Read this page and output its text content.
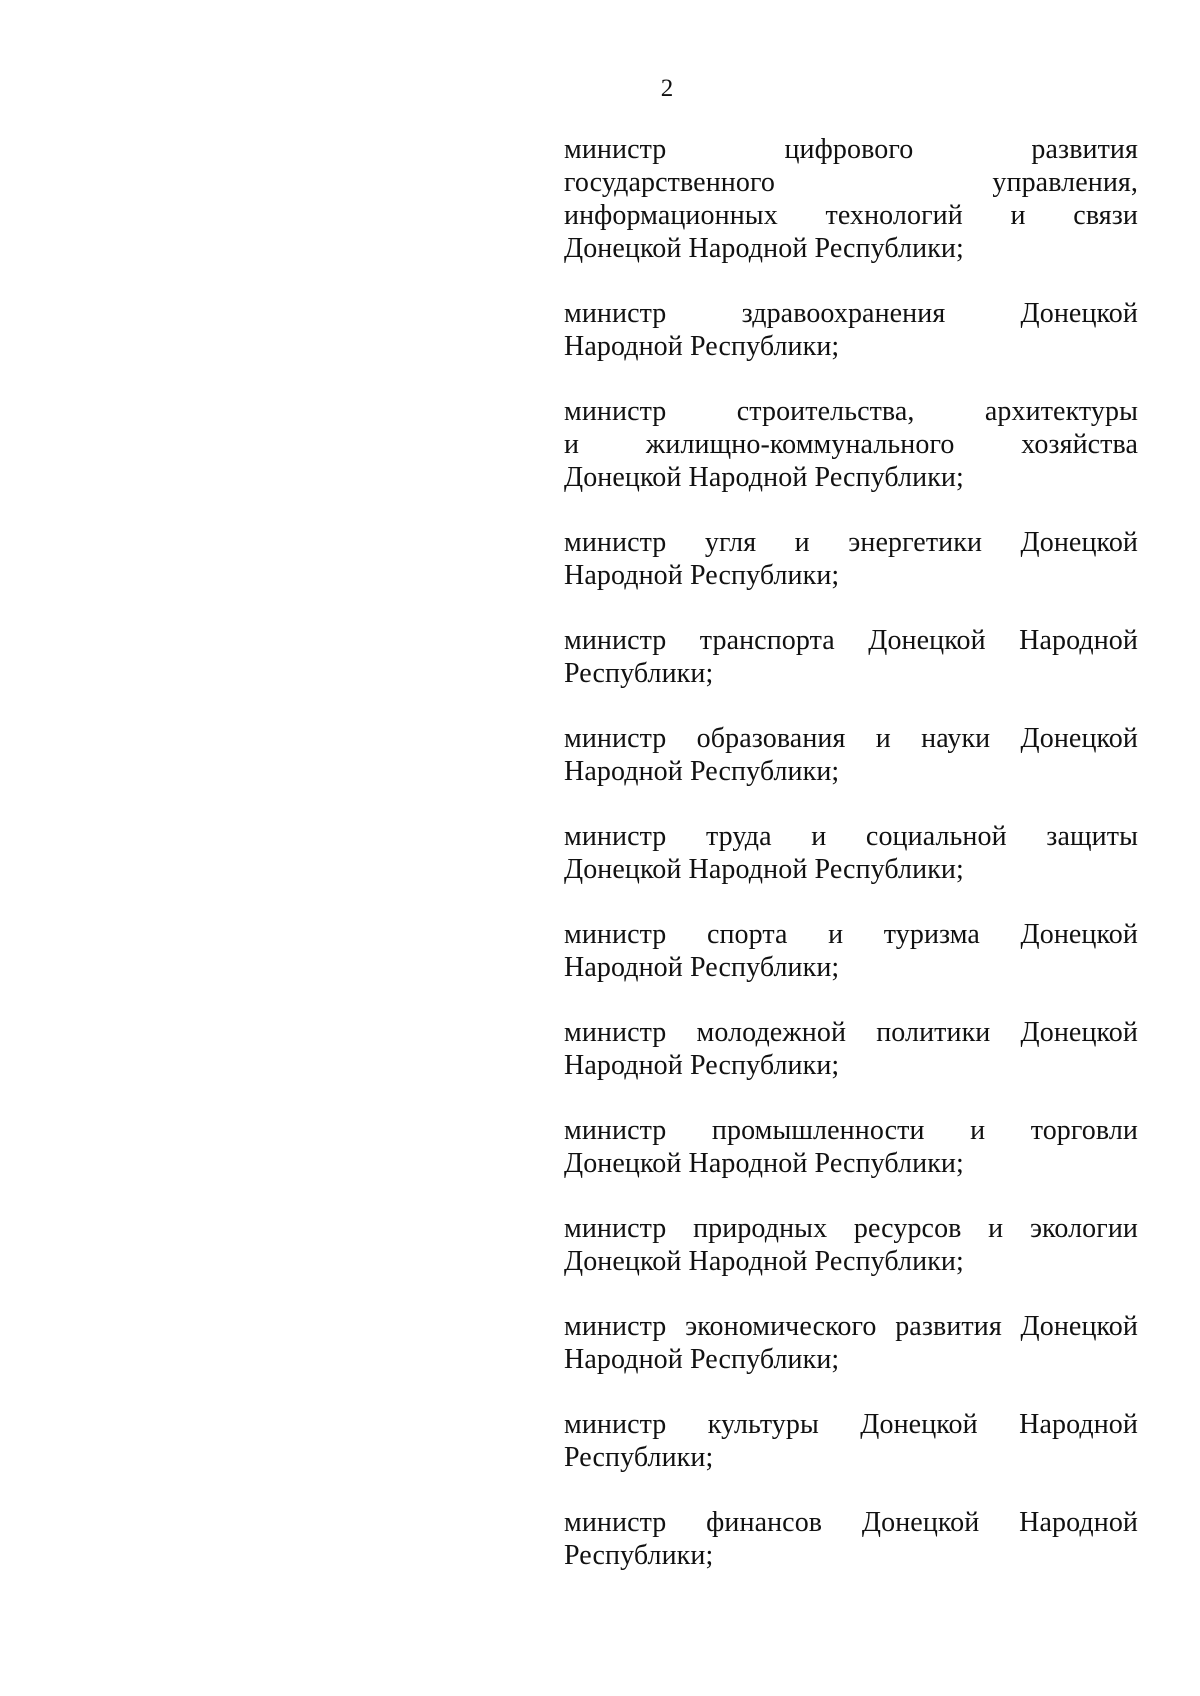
2
министр цифрового развития
государственного управления,
информационных технологий и связи
Донецкой Народной Республики;
министр здравоохранения Донецкой
Народной Республики;
министр строительства, архитектуры
и жилищно-коммунального хозяйства
Донецкой Народной Республики;
министр угля и энергетики Донецкой
Народной Республики;
министр транспорта Донецкой Народной
Республики;
министр образования и науки Донецкой
Народной Республики;
министр труда и социальной защиты
Донецкой Народной Республики;
министр спорта и туризма Донецкой
Народной Республики;
министр молодежной политики Донецкой
Народной Республики;
министр промышленности и торговли
Донецкой Народной Республики;
министр природных ресурсов и экологии
Донецкой Народной Республики;
министр экономического развития Донецкой
Народной Республики;
министр культуры Донецкой Народной
Республики;
министр финансов Донецкой Народной
Республики;
